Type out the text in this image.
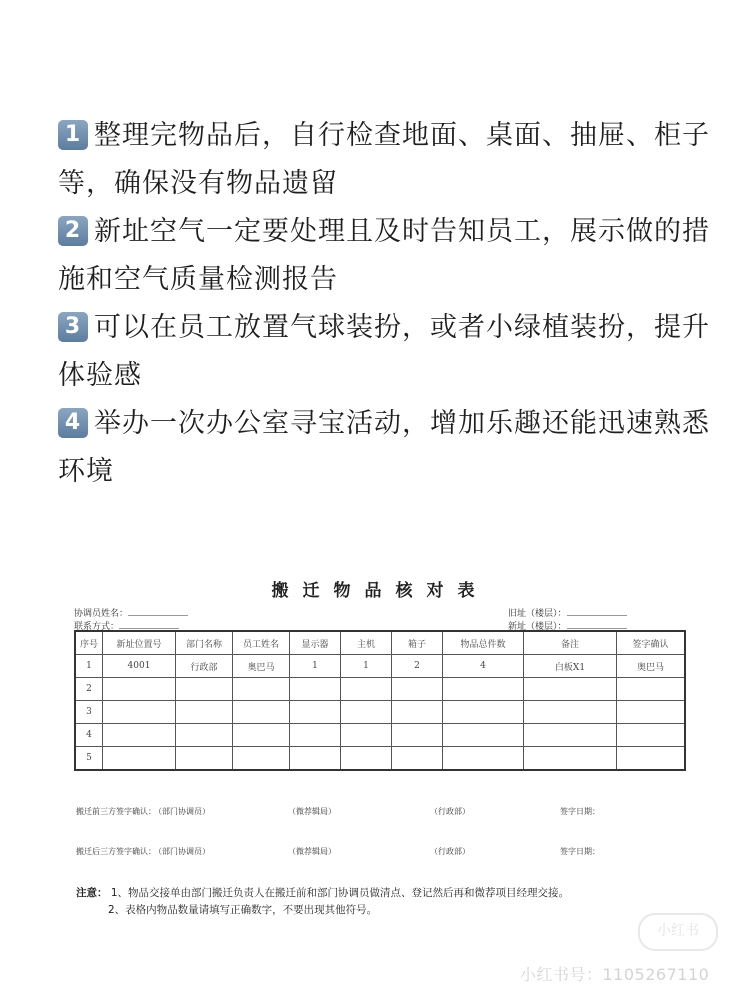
1 整理完物品后，自行检查地面、桌面、抽屉、柜子等，确保没有物品遗留
2 新址空气一定要处理且及时告知员工，展示做的措施和空气质量检测报告
3 可以在员工放置气球装扮，或者小绿植装扮，提升体验感
4 举办一次办公室寻宝活动，增加乐趣还能迅速熟悉环境
搬迁物品核对表
协调员姓名：
联系方式：
旧址（楼层）：
新址（楼层）：
序号	新址位置号	部门名称	员工姓名	显示器	主机	箱子	物品总件数	备注	签字确认
1	4001	行政部	奥巴马	1	1	2	4	白板Ⅹ1	奥巴马
2									
3									
4									
5									
搬迁前三方签字确认：
（部门协调员）	（微荐辑局）	（行政部）	签字日期：
搬迁后三方签字确认：
（部门协调员）	（微荐辑局）	（行政部）	签字日期：
注意： 1、物品交接单由部门搬迁负责人在搬迁前和部门协调员做清点、登记然后再和微荐项目经理交接。
2、表格内物品数量请填写正确数字，不要出现其他符号。
小红书
小红书号：1105267110
